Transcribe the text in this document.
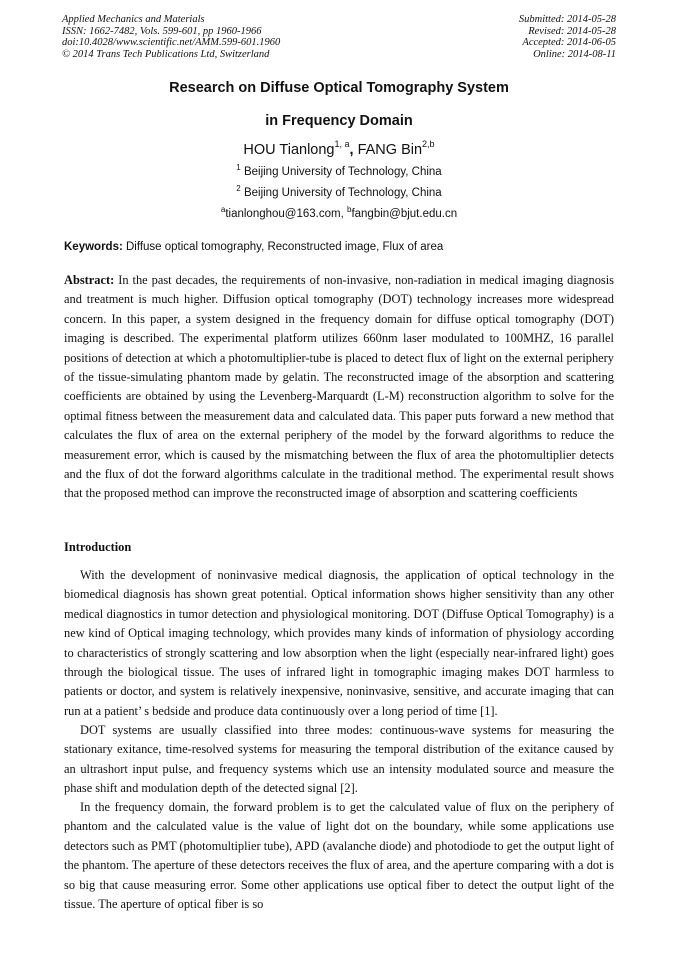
Applied Mechanics and Materials
ISSN: 1662-7482, Vols. 599-601, pp 1960-1966
doi:10.4028/www.scientific.net/AMM.599-601.1960
© 2014 Trans Tech Publications Ltd, Switzerland
Submitted: 2014-05-28
Revised: 2014-05-28
Accepted: 2014-06-05
Online: 2014-08-11
Research on Diffuse Optical Tomography System
in Frequency Domain
HOU Tianlong$^{1, a}$, FANG Bin$^{2,b}$
$^1$ Beijing University of Technology, China
$^2$ Beijing University of Technology, China
$^a$tianlonghou@163.com, $^b$fangbin@bjut.edu.cn
Keywords: Diffuse optical tomography, Reconstructed image, Flux of area

Abstract: In the past decades, the requirements of non-invasive, non-radiation in medical imaging diagnosis and treatment is much higher. Diffusion optical tomography (DOT) technology increases more widespread concern. In this paper, a system designed in the frequency domain for diffuse optical tomography (DOT) imaging is described. The experimental platform utilizes 660nm laser modulated to 100MHZ, 16 parallel positions of detection at which a photomultiplier-tube is placed to detect flux of light on the external periphery of the tissue-simulating phantom made by gelatin. The reconstructed image of the absorption and scattering coefficients are obtained by using the Levenberg-Marquardt (L-M) reconstruction algorithm to solve for the optimal fitness between the measurement data and calculated data. This paper puts forward a new method that calculates the flux of area on the external periphery of the model by the forward algorithms to reduce the measurement error, which is caused by the mismatching between the flux of area the photomultiplier detects and the flux of dot the forward algorithms calculate in the traditional method. The experimental result shows that the proposed method can improve the reconstructed image of absorption and scattering coefficients

Introduction

With the development of noninvasive medical diagnosis, the application of optical technology in the biomedical diagnosis has shown great potential. Optical information shows higher sensitivity than any other medical diagnostics in tumor detection and physiological monitoring. DOT (Diffuse Optical Tomography) is a new kind of Optical imaging technology, which provides many kinds of information of physiology according to characteristics of strongly scattering and low absorption when the light (especially near-infrared light) goes through the biological tissue. The uses of infrared light in tomographic imaging makes DOT harmless to patients or doctor, and system is relatively inexpensive, noninvasive, sensitive, and accurate imaging that can run at a patient’ s bedside and produce data continuously over a long period of time [1].

DOT systems are usually classified into three modes: continuous-wave systems for measuring the stationary exitance, time-resolved systems for measuring the temporal distribution of the exitance caused by an ultrashort input pulse, and frequency systems which use an intensity modulated source and measure the phase shift and modulation depth of the detected signal [2].

In the frequency domain, the forward problem is to get the calculated value of flux on the periphery of phantom and the calculated value is the value of light dot on the boundary, while some applications use detectors such as PMT (photomultiplier tube), APD (avalanche diode) and photodiode to get the output light of the phantom. The aperture of these detectors receives the flux of area, and the aperture comparing with a dot is so big that cause measuring error. Some other applications use optical fiber to detect the output light of the tissue. The aperture of optical fiber is so
